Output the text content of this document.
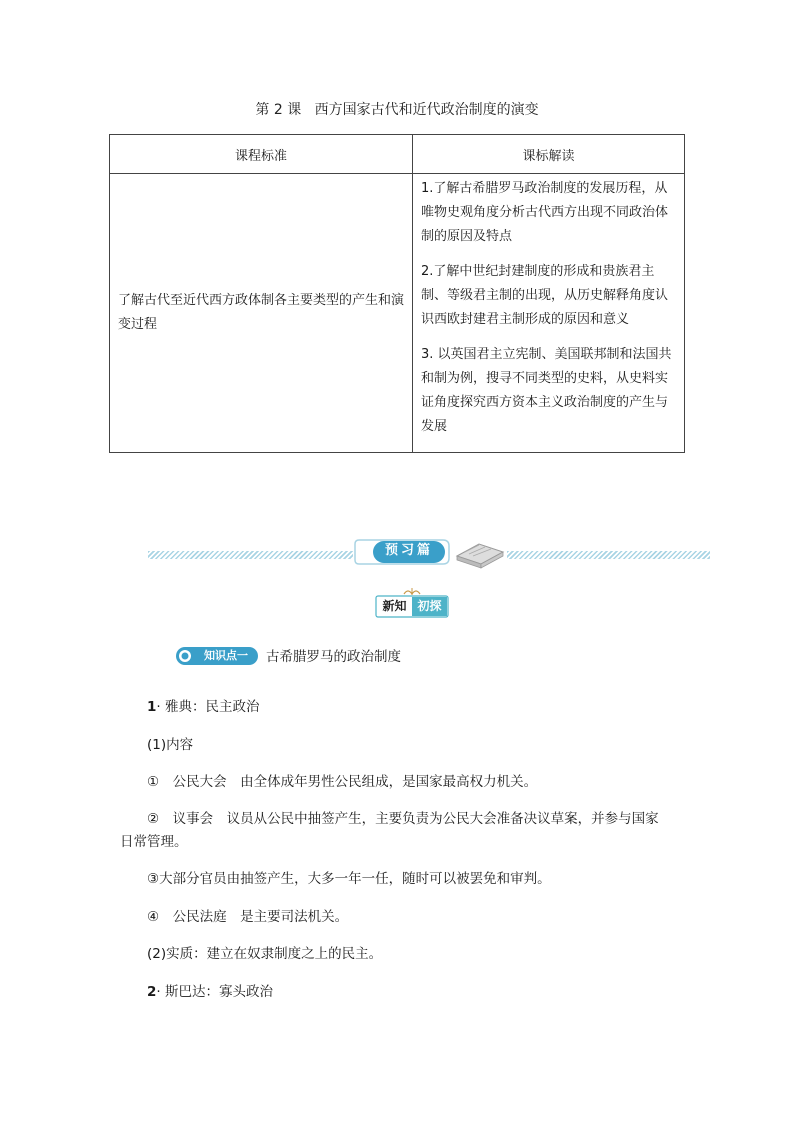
第 2 课 西方国家古代和近代政治制度的演变
课程标准	课标解读
了解古代至近代西方政体制各主要类型的产生和演变过程	1.了解古希腊罗马政治制度的发展历程，从唯物史观角度分析古代西方出现不同政治体制的原因及特点

2.了解中世纪封建制度的形成和贵族君主制、等级君主制的出现，从历史解释角度认识西欧封建君主制形成的原因和意义

3. 以英国君主立宪制、美国联邦制和法国共和制为例，搜寻不同类型的史料，从史料实证角度探究西方资本主义政治制度的产生与发展

预习篇
新知 初探
知识点一	古希腊罗马的政治制度
1· 雅典：民主政治
(1)内容
①　公民大会　由全体成年男性公民组成，是国家最高权力机关。
②　议事会　议员从公民中抽签产生，主要负责为公民大会准备决议草案，并参与国家
日常管理。
③大部分官员由抽签产生，大多一年一任，随时可以被罢免和审判。
④　公民法庭　是主要司法机关。
(2)实质：建立在奴隶制度之上的民主。
2· 斯巴达：寡头政治
